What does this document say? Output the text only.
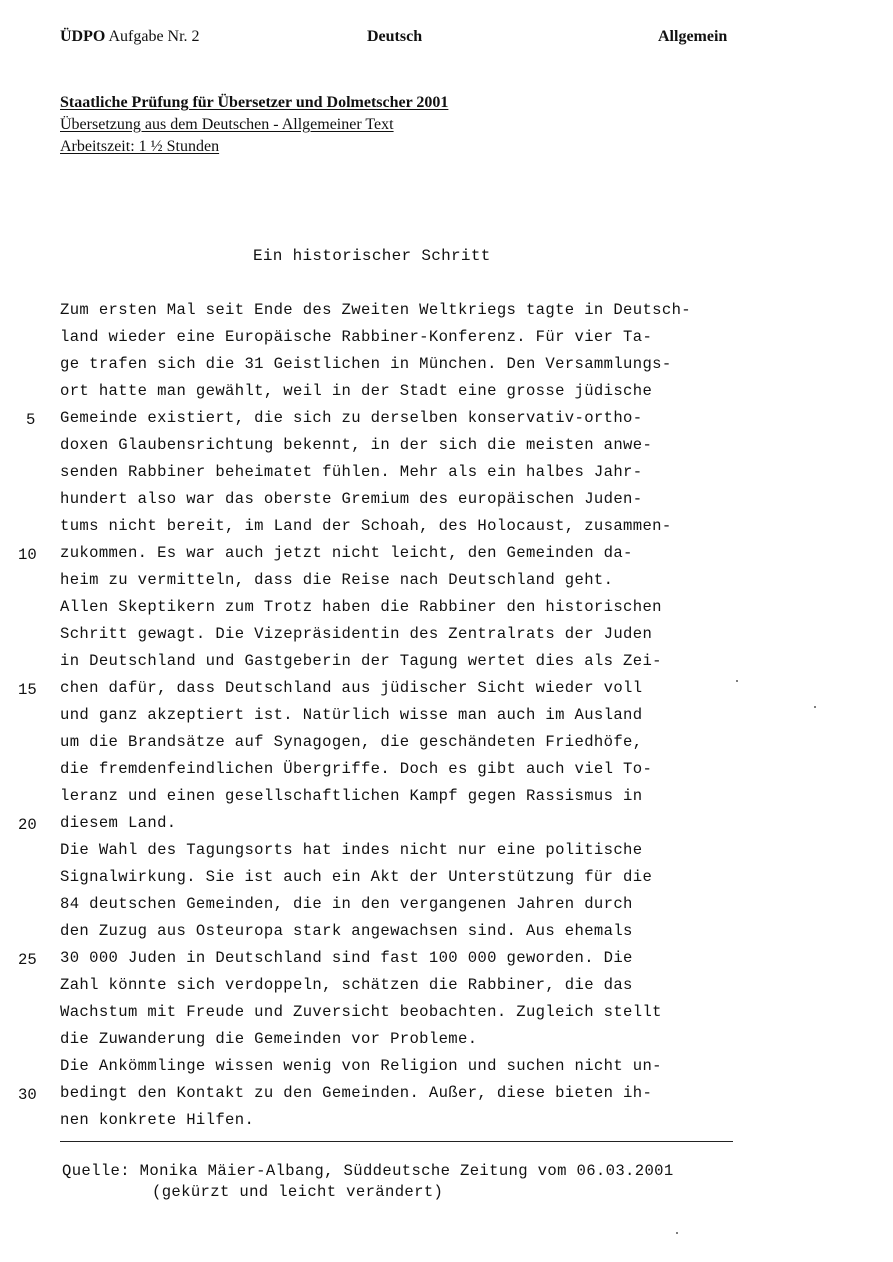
ÜDPO Aufgabe Nr. 2	Deutsch	Allgemein
Staatliche Prüfung für Übersetzer und Dolmetscher 2001
Übersetzung aus dem Deutschen - Allgemeiner Text
Arbeitszeit: 1 ½ Stunden
Ein historischer Schritt
Zum ersten Mal seit Ende des Zweiten Weltkriegs tagte in Deutsch-
land wieder eine Europäische Rabbiner-Konferenz. Für vier Ta-
ge trafen sich die 31 Geistlichen in München. Den Versammlungs-
ort hatte man gewählt, weil in der Stadt eine grosse jüdische
Gemeinde existiert, die sich zu derselben konservativ-ortho-
doxen Glaubensrichtung bekennt, in der sich die meisten anwe-
senden Rabbiner beheimatet fühlen. Mehr als ein halbes Jahr-
hundert also war das oberste Gremium des europäischen Juden-
tums nicht bereit, im Land der Schoah, des Holocaust, zusammen-
zukommen. Es war auch jetzt nicht leicht, den Gemeinden da-
heim zu vermitteln, dass die Reise nach Deutschland geht.
Allen Skeptikern zum Trotz haben die Rabbiner den historischen
Schritt gewagt. Die Vizepräsidentin des Zentralrats der Juden
in Deutschland und Gastgeberin der Tagung wertet dies als Zei-
chen dafür, dass Deutschland aus jüdischer Sicht wieder voll
und ganz akzeptiert ist. Natürlich wisse man auch im Ausland
um die Brandsätze auf Synagogen, die geschändeten Friedhöfe,
die fremdenfeindlichen Übergriffe. Doch es gibt auch viel To-
leranz und einen gesellschaftlichen Kampf gegen Rassismus in
diesem Land.
Die Wahl des Tagungsorts hat indes nicht nur eine politische
Signalwirkung. Sie ist auch ein Akt der Unterstützung für die
84 deutschen Gemeinden, die in den vergangenen Jahren durch
den Zuzug aus Osteuropa stark angewachsen sind. Aus ehemals
30 000 Juden in Deutschland sind fast 100 000 geworden. Die
Zahl könnte sich verdoppeln, schätzen die Rabbiner, die das
Wachstum mit Freude und Zuversicht beobachten. Zugleich stellt
die Zuwanderung die Gemeinden vor Probleme.
Die Ankömmlinge wissen wenig von Religion und suchen nicht un-
bedingt den Kontakt zu den Gemeinden. Außer, diese bieten ih-
nen konkrete Hilfen.
5
10
15
20
25
30
Quelle: Monika Mäier-Albang, Süddeutsche Zeitung vom 06.03.2001
(gekürzt und leicht verändert)
